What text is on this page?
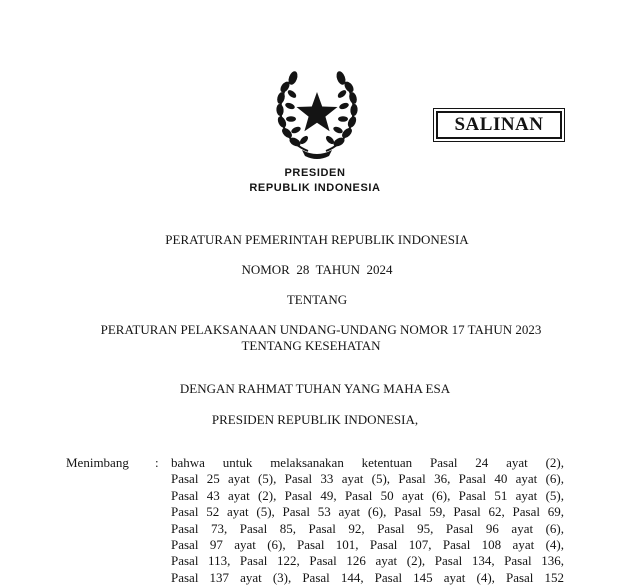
SALINAN
PRESIDEN
REPUBLIK INDONESIA
PERATURAN PEMERINTAH REPUBLIK INDONESIA
NOMOR  28  TAHUN  2024
TENTANG
PERATURAN PELAKSANAAN UNDANG-UNDANG NOMOR 17 TAHUN 2023
TENTANG KESEHATAN
DENGAN RAHMAT TUHAN YANG MAHA ESA
PRESIDEN REPUBLIK INDONESIA,
Menimbang	: bahwa untuk melaksanakan ketentuan Pasal 24 ayat (2),
Pasal 25 ayat (5), Pasal 33 ayat (5), Pasal 36, Pasal 40 ayat (6),
Pasal 43 ayat (2), Pasal 49, Pasal 50 ayat (6), Pasal 51 ayat (5),
Pasal 52 ayat (5), Pasal 53 ayat (6), Pasal 59, Pasal 62, Pasal 69,
Pasal 73, Pasal 85, Pasal 92, Pasal 95, Pasal 96 ayat (6),
Pasal 97 ayat (6), Pasal 101, Pasal 107, Pasal 108 ayat (4),
Pasal 113, Pasal 122, Pasal 126 ayat (2), Pasal 134, Pasal 136,
Pasal 137 ayat (3), Pasal 144, Pasal 145 ayat (4), Pasal 152
